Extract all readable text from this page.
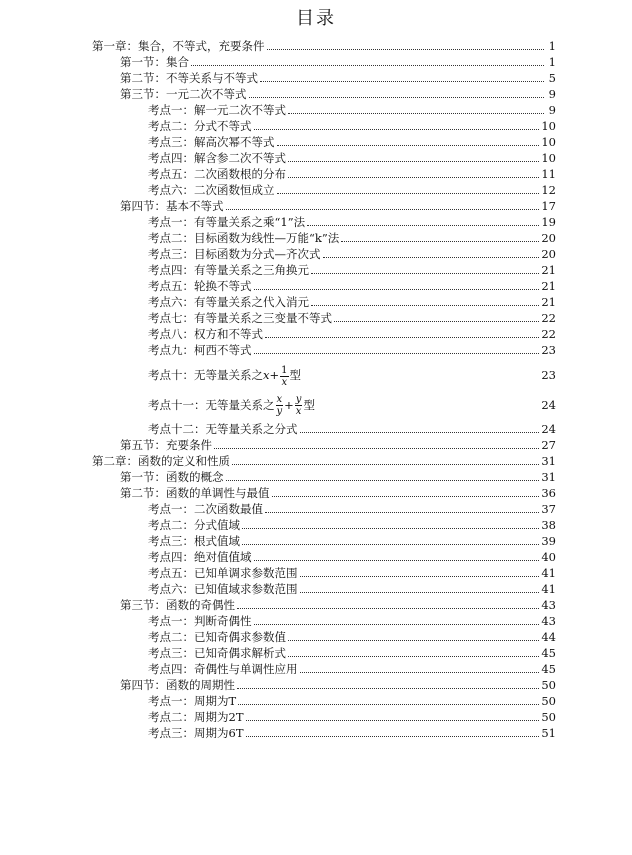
目录
第一章：集合，不等式，充要条件	1
第一节：集合	1
第二节：不等关系与不等式	5
第三节：一元二次不等式	9
考点一：解一元二次不等式	9
考点二：分式不等式	10
考点三：解高次幂不等式	10
考点四：解含参二次不等式	10
考点五：二次函数根的分布	11
考点六：二次函数恒成立	12
第四节：基本不等式	17
考点一：有等量关系之乘“1”法	19
考点二：目标函数为线性—万能“k”法	20
考点三：目标函数为分式—齐次式	20
考点四：有等量关系之三角换元	21
考点五：轮换不等式	21
考点六：有等量关系之代入消元	21
考点七：有等量关系之三变量不等式	22
考点八：权方和不等式	22
考点九：柯西不等式	23
考点十：无等量关系之$x+ \frac{1}{x}$ 型	23
考点十一：无等量关系之 $\frac{x}{y} + \frac{y}{x}$ 型	24
考点十二：无等量关系之分式	24
第五节：充要条件	27
第二章：函数的定义和性质	31
第一节：函数的概念	31
第二节：函数的单调性与最值	36
考点一：二次函数最值	37
考点二：分式值域	38
考点三：根式值域	39
考点四：绝对值值域	40
考点五：已知单调求参数范围	41
考点六：已知值域求参数范围	41
第三节：函数的奇偶性	43
考点一：判断奇偶性	43
考点二：已知奇偶求参数值	44
考点三：已知奇偶求解析式	45
考点四：奇偶性与单调性应用	45
第四节：函数的周期性	50
考点一：周期为T	50
考点二：周期为2T	50
考点三：周期为6T	51
